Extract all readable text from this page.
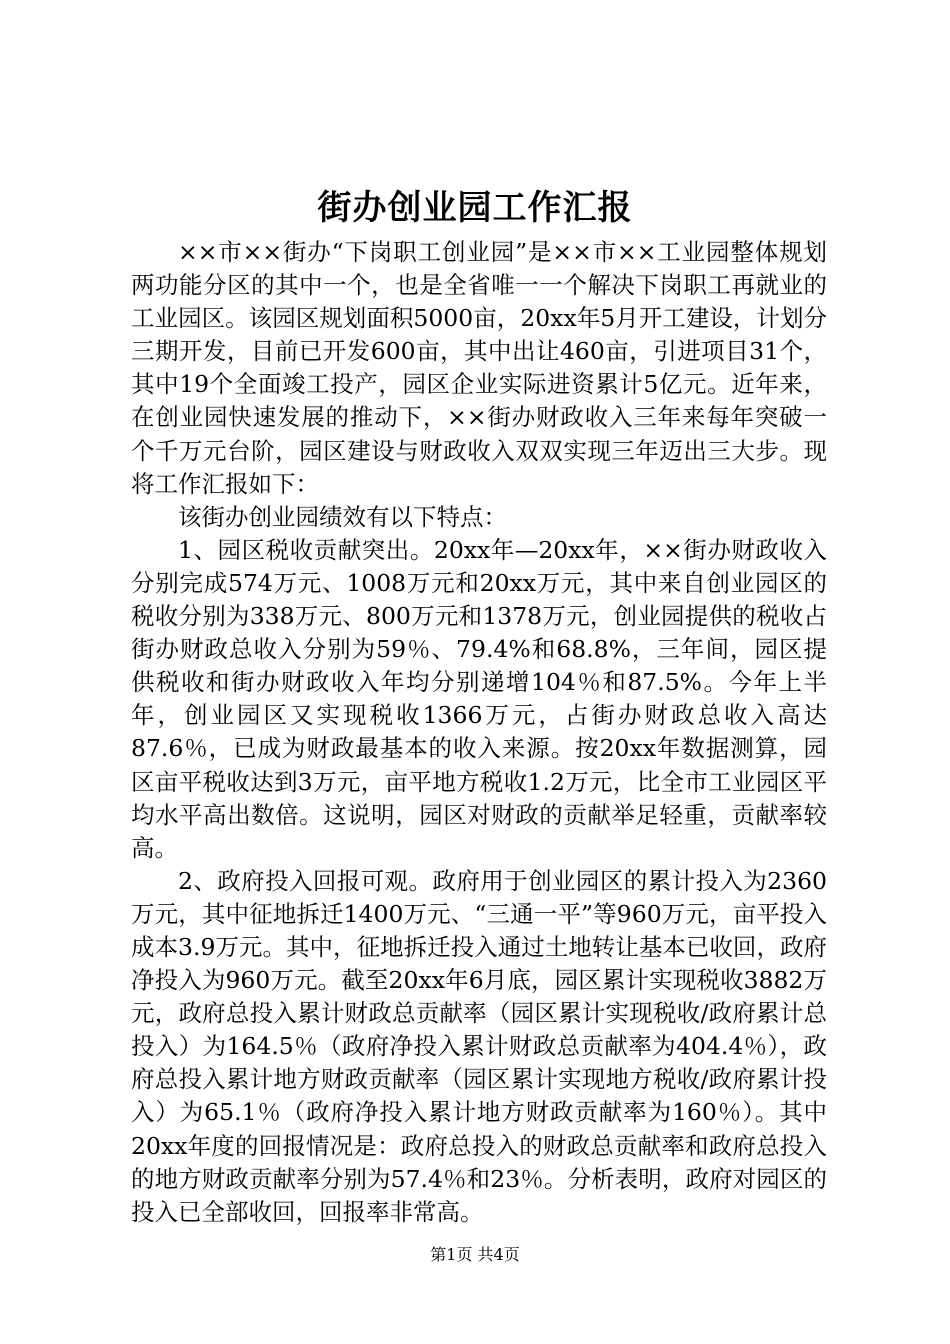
街办创业园工作汇报

××市××街办“下岗职工创业园”是××市××工业园整体规划两功能分区的其中一个，也是全省唯一一个解决下岗职工再就业的工业园区。该园区规划面积5000亩，20xx年5月开工建设，计划分三期开发，目前已开发600亩，其中出让460亩，引进项目31个，其中19个全面竣工投产，园区企业实际进资累计5亿元。近年来，在创业园快速发展的推动下，××街办财政收入三年来每年突破一个千万元台阶，园区建设与财政收入双双实现三年迈出三大步。现将工作汇报如下：

该街办创业园绩效有以下特点：

1、园区税收贡献突出。20xx年—20xx年，××街办财政收入分别完成574万元、1008万元和20xx万元，其中来自创业园区的税收分别为338万元、800万元和1378万元，创业园提供的税收占街办财政总收入分别为59％、79.4%和68.8%，三年间，园区提供税收和街办财政收入年均分别递增104％和87.5%。今年上半年，创业园区又实现税收1366万元，占街办财政总收入高达87.6％，已成为财政最基本的收入来源。按20xx年数据测算，园区亩平税收达到3万元，亩平地方税收1.2万元，比全市工业园区平均水平高出数倍。这说明，园区对财政的贡献举足轻重，贡献率较高。

2、政府投入回报可观。政府用于创业园区的累计投入为2360万元，其中征地拆迁1400万元、“三通一平”等960万元，亩平投入成本3.9万元。其中，征地拆迁投入通过土地转让基本已收回，政府净投入为960万元。截至20xx年6月底，园区累计实现税收3882万元，政府总投入累计财政总贡献率（园区累计实现税收/政府累计总投入）为164.5％（政府净投入累计财政总贡献率为404.4％），政府总投入累计地方财政贡献率（园区累计实现地方税收/政府累计投入）为65.1％（政府净投入累计地方财政贡献率为160％）。其中20xx年度的回报情况是：政府总投入的财政总贡献率和政府总投入的地方财政贡献率分别为57.4％和23％。分析表明，政府对园区的投入已全部收回，回报率非常高。

第1页 共4页
